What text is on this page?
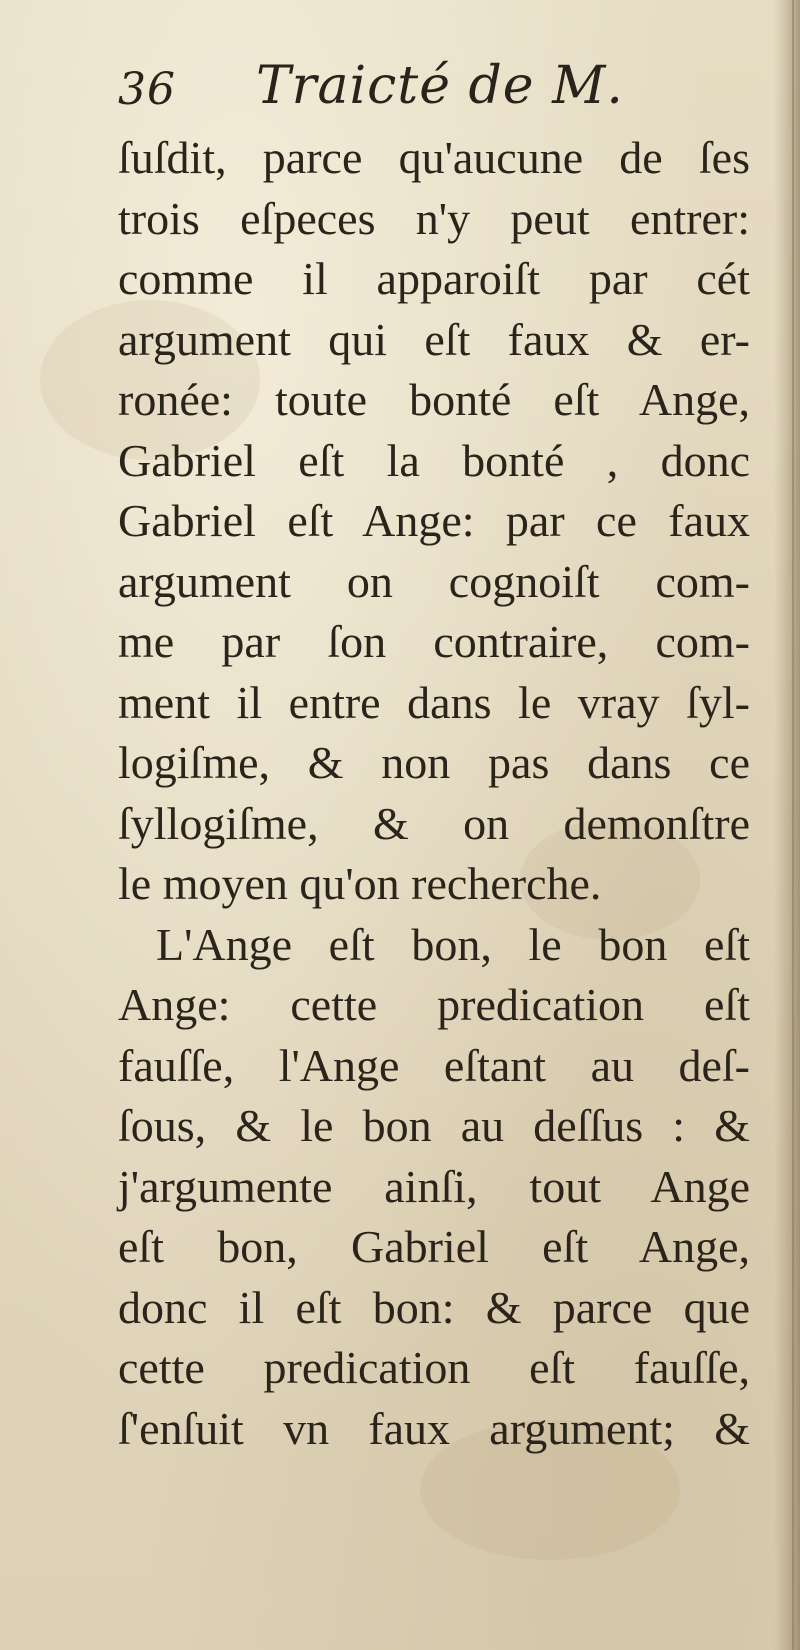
36 Traicté de M.
ſuſdit, parce qu'aucune de ſes
trois eſpeces n'y peut entrer:
comme il apparoiſt par cét
argument qui eſt faux & er-
ronée: toute bonté eſt Ange,
Gabriel eſt la bonté , donc
Gabriel eſt Ange: par ce faux
argument on cognoiſt com-
me par ſon contraire, com-
ment il entre dans le vray ſyl-
logiſme, & non pas dans ce
ſyllogiſme, & on demonſtre
le moyen qu'on recherche.
L'Ange eſt bon, le bon eſt
Ange: cette predication eſt
fauſſe, l'Ange eſtant au deſ-
ſous, & le bon au deſſus : &
j'argumente ainſi, tout Ange
eſt bon, Gabriel eſt Ange,
donc il eſt bon: & parce que
cette predication eſt fauſſe,
ſ'enſuit vn faux argument; &
